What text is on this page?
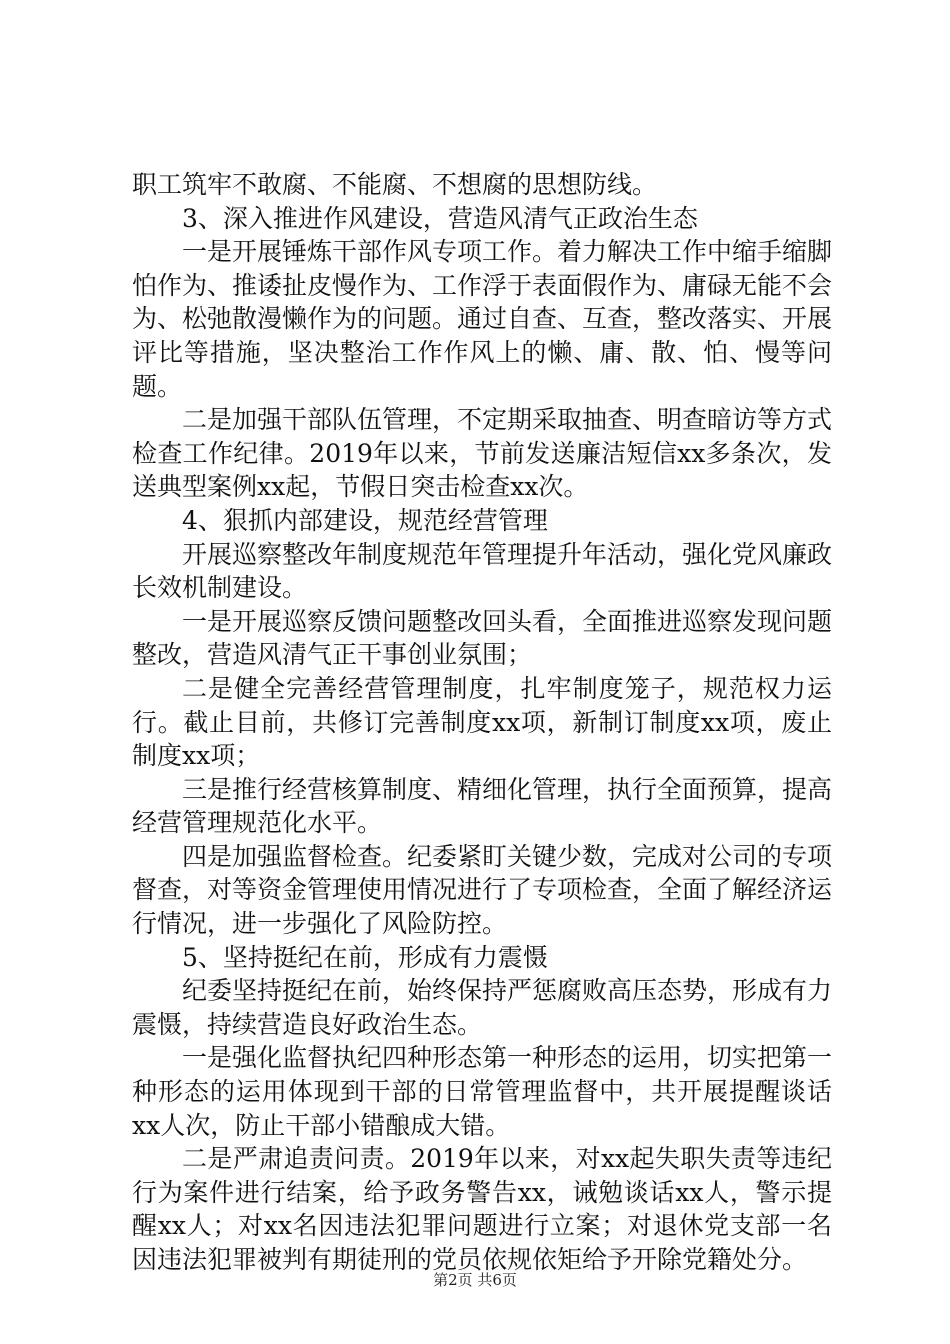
职工筑牢不敢腐、不能腐、不想腐的思想防线。

3、深入推进作风建设，营造风清气正政治生态

一是开展锤炼干部作风专项工作。着力解决工作中缩手缩脚怕作为、推诿扯皮慢作为、工作浮于表面假作为、庸碌无能不会为、松弛散漫懒作为的问题。通过自查、互查，整改落实、开展评比等措施，坚决整治工作作风上的懒、庸、散、怕、慢等问题。

二是加强干部队伍管理，不定期采取抽查、明查暗访等方式检查工作纪律。2019年以来，节前发送廉洁短信xx多条次，发送典型案例xx起，节假日突击检查xx次。

4、狠抓内部建设，规范经营管理

开展巡察整改年制度规范年管理提升年活动，强化党风廉政长效机制建设。

一是开展巡察反馈问题整改回头看，全面推进巡察发现问题整改，营造风清气正干事创业氛围；

二是健全完善经营管理制度，扎牢制度笼子，规范权力运行。截止目前，共修订完善制度xx项，新制订制度xx项，废止制度xx项；

三是推行经营核算制度、精细化管理，执行全面预算，提高经营管理规范化水平。

四是加强监督检查。纪委紧盯关键少数，完成对公司的专项督查，对等资金管理使用情况进行了专项检查，全面了解经济运行情况，进一步强化了风险防控。

5、坚持挺纪在前，形成有力震慑

纪委坚持挺纪在前，始终保持严惩腐败高压态势，形成有力震慑，持续营造良好政治生态。

一是强化监督执纪四种形态第一种形态的运用，切实把第一种形态的运用体现到干部的日常管理监督中，共开展提醒谈话xx人次，防止干部小错酿成大错。

二是严肃追责问责。2019年以来，对xx起失职失责等违纪行为案件进行结案，给予政务警告xx，诫勉谈话xx人，警示提醒xx人；对xx名因违法犯罪问题进行立案；对退休党支部一名因违法犯罪被判有期徒刑的党员依规依矩给予开除党籍处分。

第2页 共6页
